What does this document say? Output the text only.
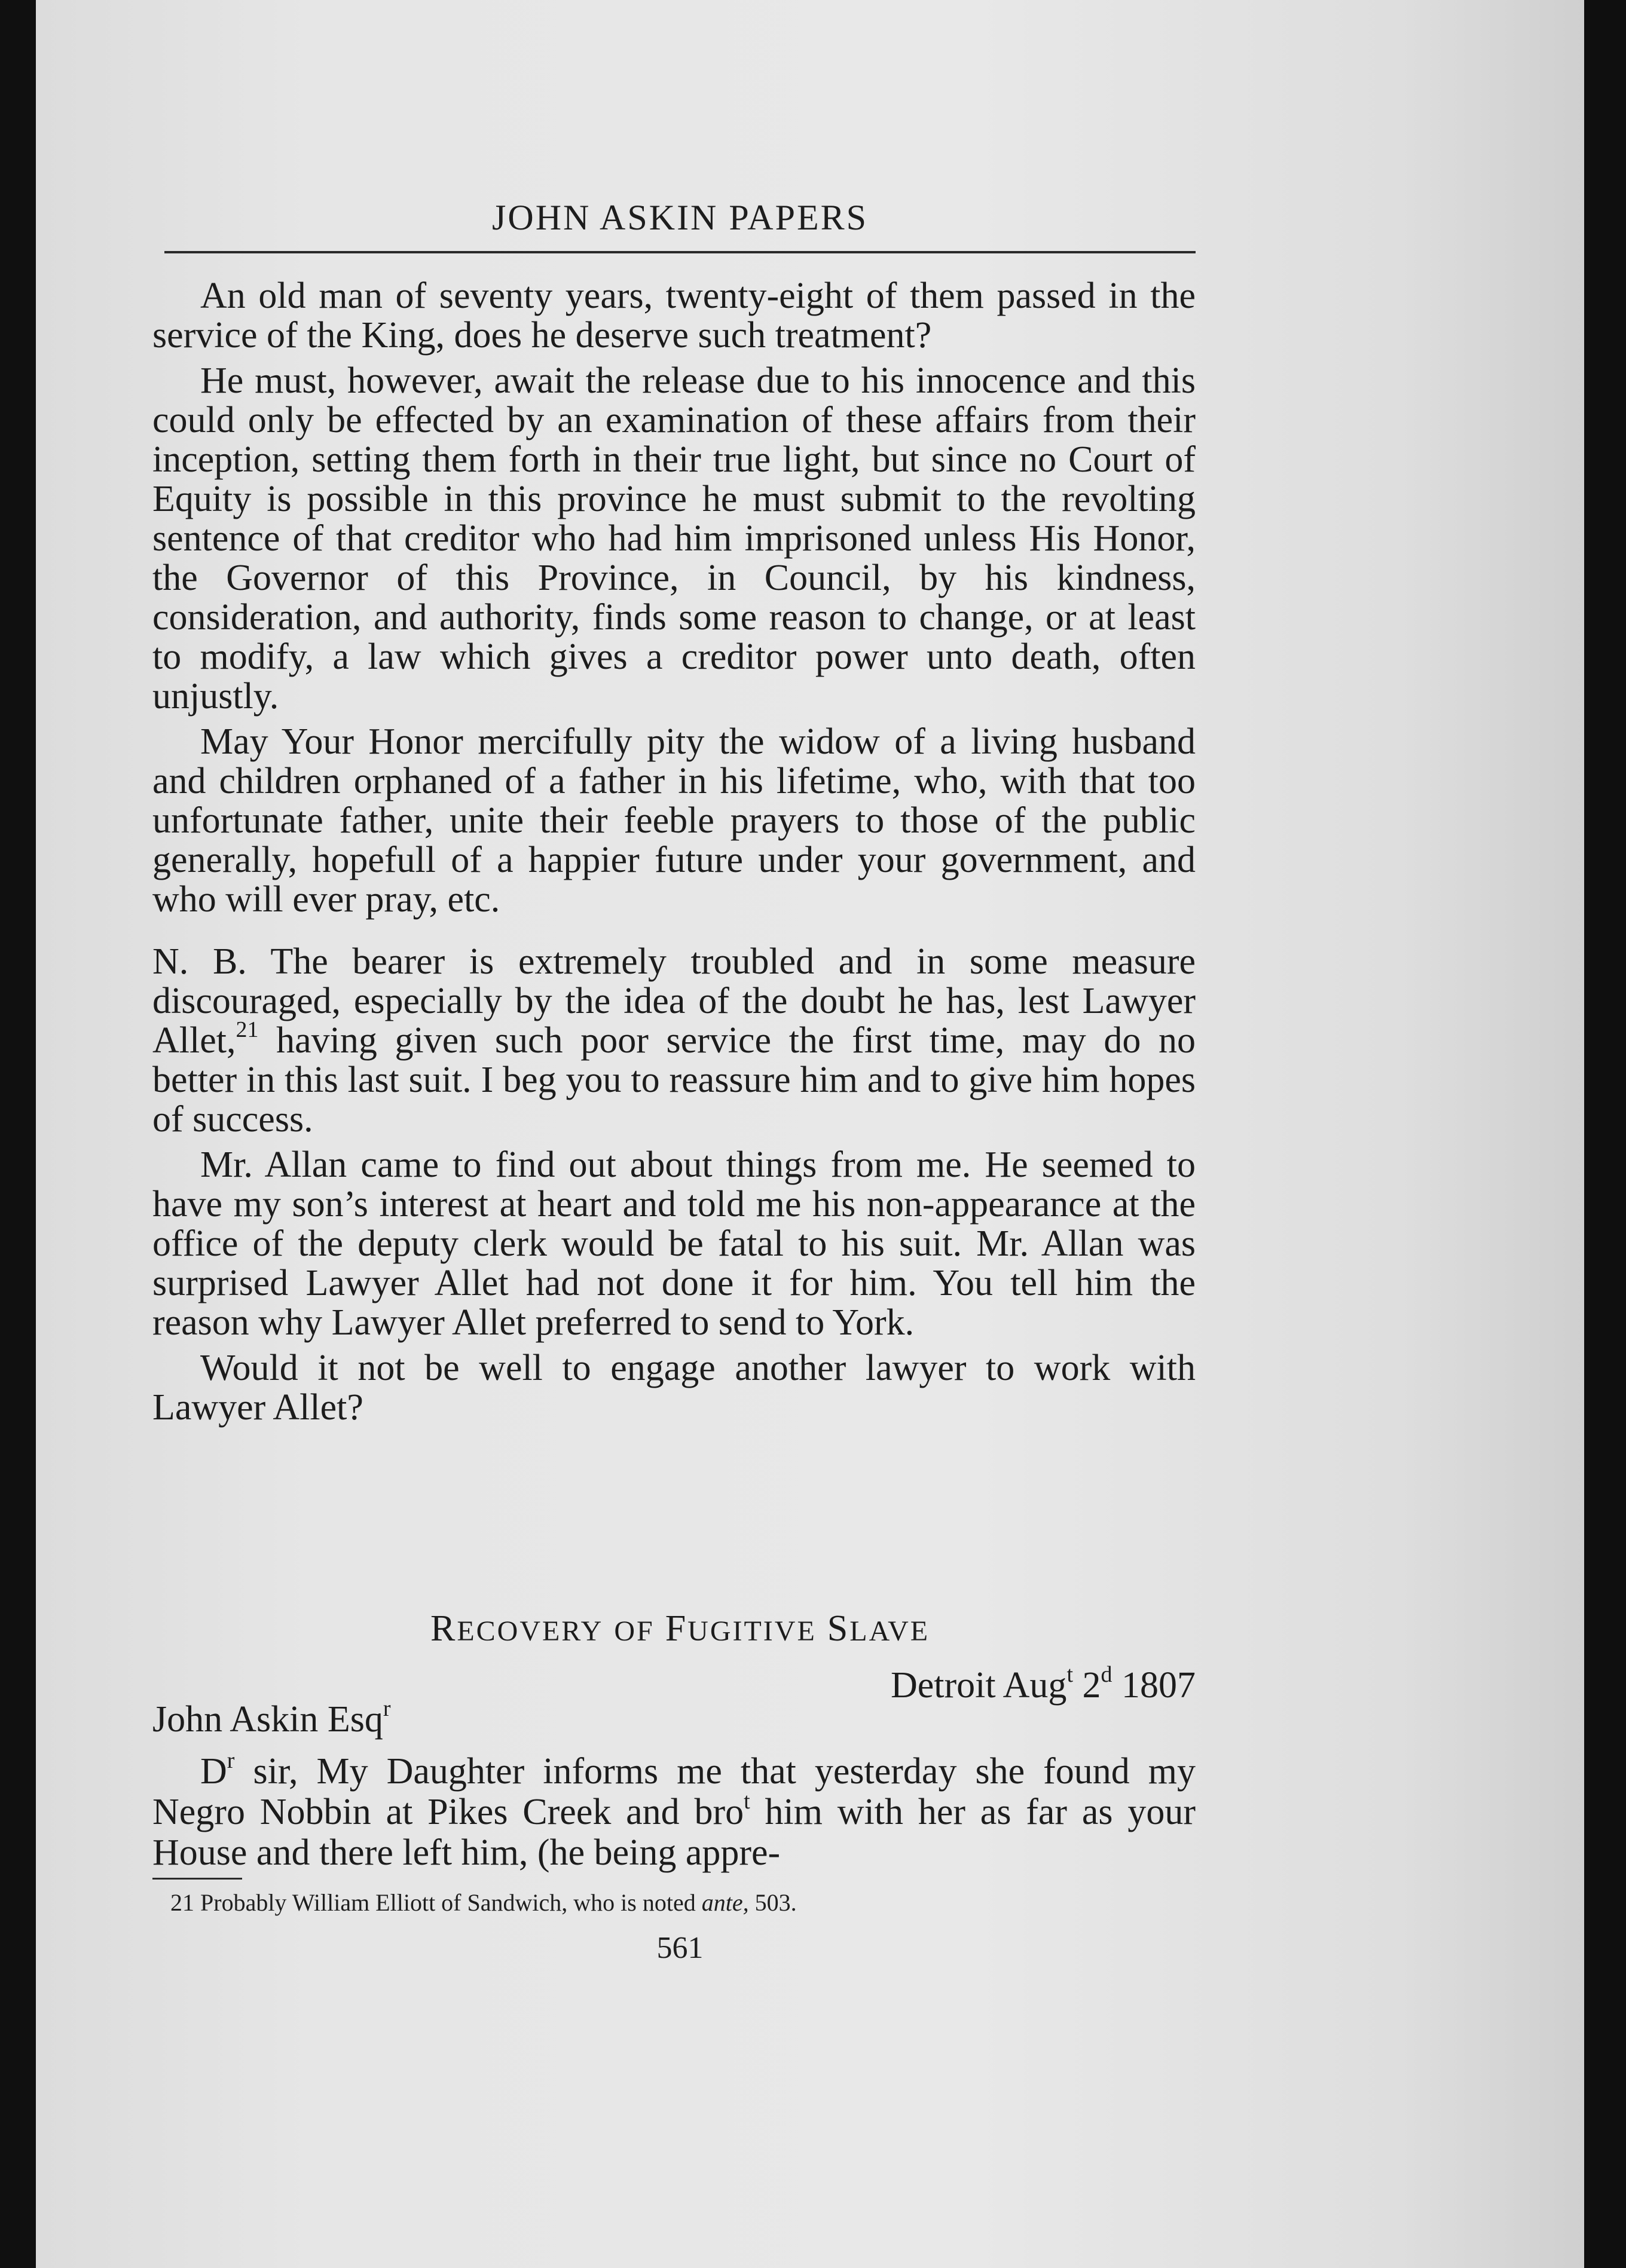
JOHN ASKIN PAPERS

An old man of seventy years, twenty-eight of them passed in the service of the King, does he deserve such treatment?

He must, however, await the release due to his innocence and this could only be effected by an examination of these affairs from their inception, setting them forth in their true light, but since no Court of Equity is possible in this province he must submit to the revolting sentence of that creditor who had him imprisoned unless His Honor, the Governor of this Province, in Council, by his kindness, consideration, and authority, finds some reason to change, or at least to modify, a law which gives a creditor power unto death, often unjustly.

May Your Honor mercifully pity the widow of a living husband and children orphaned of a father in his lifetime, who, with that too unfortunate father, unite their feeble prayers to those of the public generally, hopefull of a happier future under your government, and who will ever pray, etc.

N. B. The bearer is extremely troubled and in some measure discouraged, especially by the idea of the doubt he has, lest Lawyer Allet,$^{21}$ having given such poor service the first time, may do no better in this last suit. I beg you to reassure him and to give him hopes of success.

Mr. Allan came to find out about things from me. He seemed to have my son’s interest at heart and told me his non-appearance at the office of the deputy clerk would be fatal to his suit. Mr. Allan was surprised Lawyer Allet had not done it for him. You tell him the reason why Lawyer Allet preferred to send to York.

Would it not be well to engage another lawyer to work with Lawyer Allet?

RECOVERY OF FUGITIVE SLAVE
Detroit Aug$^t$ 2$^d$ 1807
John Askin Esq$^r$

$D^r$ sir, My Daughter informs me that yesterday she found my Negro Nobbin at Pikes Creek and bro$^t$ him with her as far as your House and there left him, (he being appre-

21 Probably William Elliott of Sandwich, who is noted ante, 503.
561
